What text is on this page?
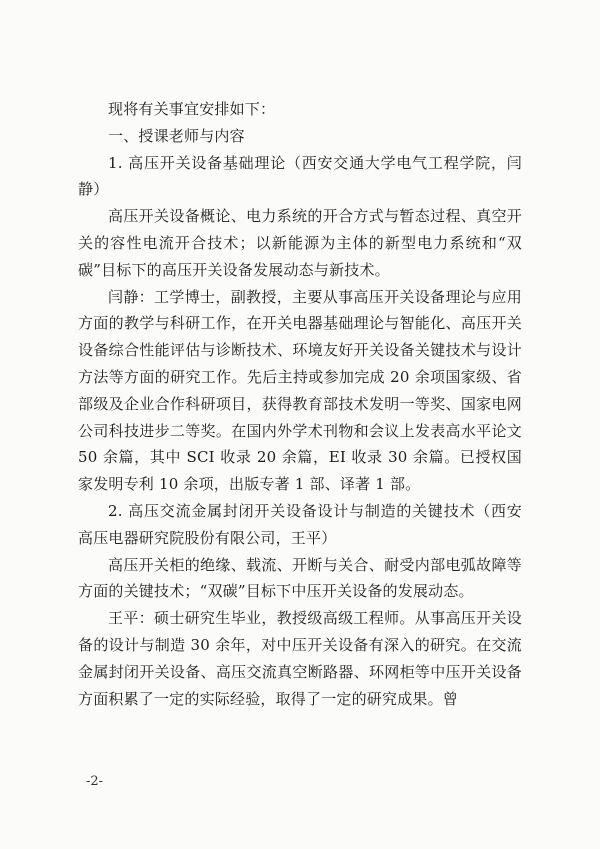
现将有关事宜安排如下：

一、授课老师与内容

1. 高压开关设备基础理论（西安交通大学电气工程学院，闫静）

高压开关设备概论、电力系统的开合方式与暂态过程、真空开关的容性电流开合技术；以新能源为主体的新型电力系统和“双碳”目标下的高压开关设备发展动态与新技术。

闫静：工学博士，副教授，主要从事高压开关设备理论与应用方面的教学与科研工作，在开关电器基础理论与智能化、高压开关设备综合性能评估与诊断技术、环境友好开关设备关键技术与设计方法等方面的研究工作。先后主持或参加完成 20 余项国家级、省部级及企业合作科研项目，获得教育部技术发明一等奖、国家电网公司科技进步二等奖。在国内外学术刊物和会议上发表高水平论文 50 余篇，其中 SCI 收录 20 余篇，EI 收录 30 余篇。已授权国家发明专利 10 余项，出版专著 1 部、译著 1 部。

2. 高压交流金属封闭开关设备设计与制造的关键技术（西安高压电器研究院股份有限公司，王平）

高压开关柜的绝缘、载流、开断与关合、耐受内部电弧故障等方面的关键技术；“双碳”目标下中压开关设备的发展动态。

王平：硕士研究生毕业，教授级高级工程师。从事高压开关设备的设计与制造 30 余年，对中压开关设备有深入的研究。在交流金属封闭开关设备、高压交流真空断路器、环网柜等中压开关设备方面积累了一定的实际经验，取得了一定的研究成果。曾

-2-
